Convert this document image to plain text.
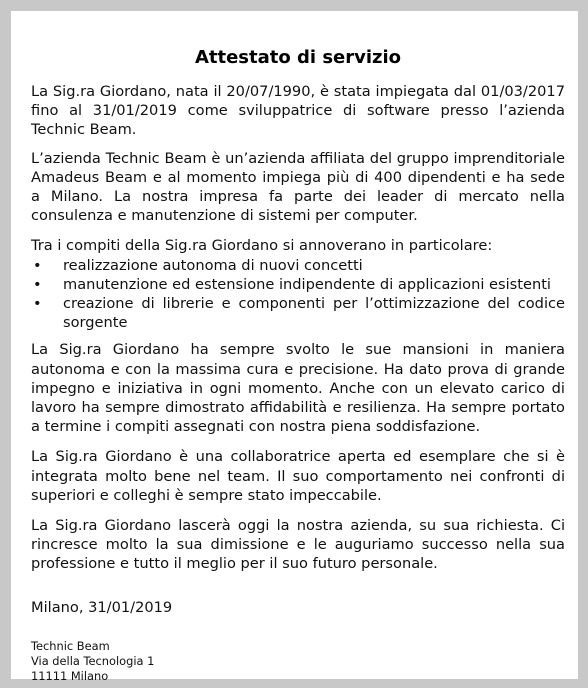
Attestato di servizio

La Sig.ra Giordano, nata il 20/07/1990, è stata impiegata dal 01/03/2017 fino al 31/01/2019 come sviluppatrice di software presso l’azienda Technic Beam.

L’azienda Technic Beam è un’azienda affiliata del gruppo imprenditoriale Amadeus Beam e al momento impiega più di 400 dipendenti e ha sede a Milano. La nostra impresa fa parte dei leader di mercato nella consulenza e manutenzione di sistemi per computer.

Tra i compiti della Sig.ra Giordano si annoverano in particolare:

• realizzazione autonoma di nuovi concetti
• manutenzione ed estensione indipendente di applicazioni esistenti
• creazione di librerie e componenti per l’ottimizzazione del codice sorgente

La Sig.ra Giordano ha sempre svolto le sue mansioni in maniera autonoma e con la massima cura e precisione. Ha dato prova di grande impegno e iniziativa in ogni momento. Anche con un elevato carico di lavoro ha sempre dimostrato affidabilità e resilienza. Ha sempre portato a termine i compiti assegnati con nostra piena soddisfazione.

La Sig.ra Giordano è una collaboratrice aperta ed esemplare che si è integrata molto bene nel team. Il suo comportamento nei confronti di superiori e colleghi è sempre stato impeccabile.

La Sig.ra Giordano lascerà oggi la nostra azienda, su sua richiesta. Ci rincresce molto la sua dimissione e le auguriamo successo nella sua professione e tutto il meglio per il suo futuro personale.

Milano, 31/01/2019

Technic Beam
Via della Tecnologia 1
11111 Milano
